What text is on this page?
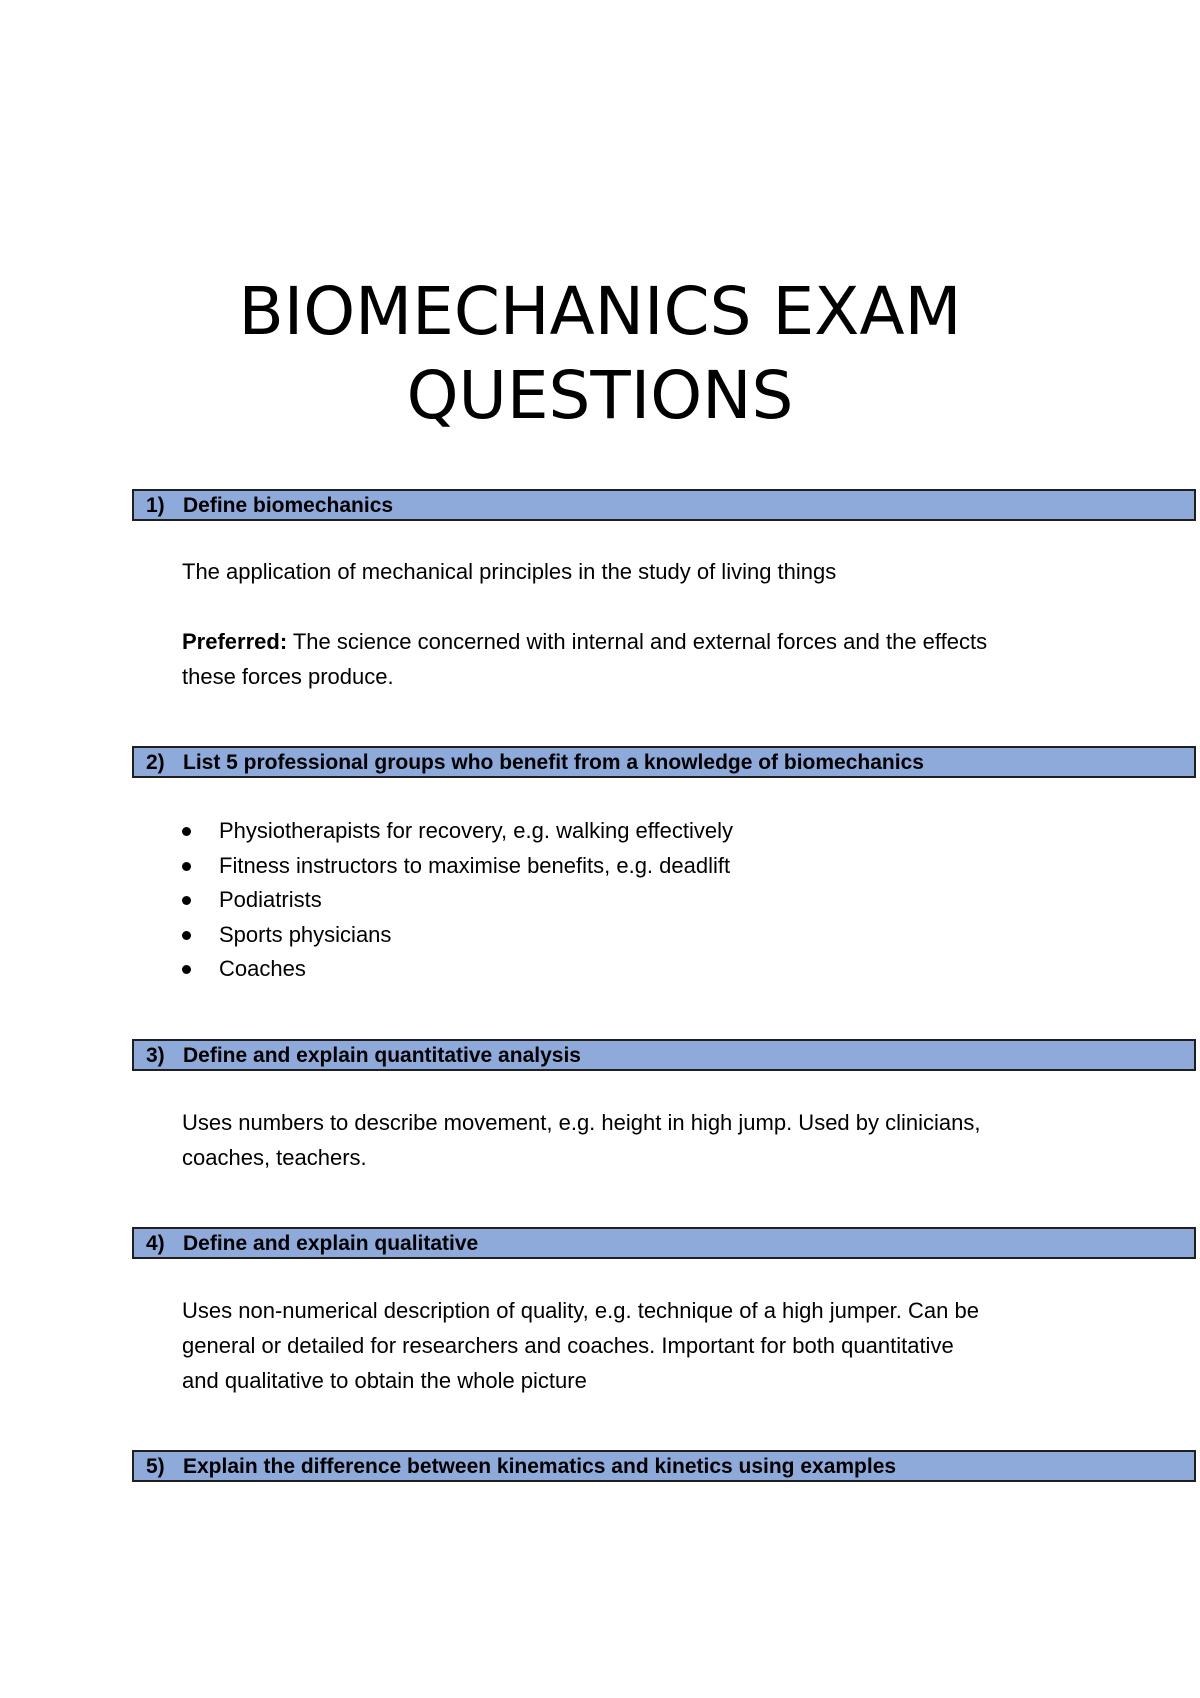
BIOMECHANICS EXAM
QUESTIONS
1) Define biomechanics

The application of mechanical principles in the study of living things

Preferred: The science concerned with internal and external forces and the effects

these forces produce.

2) List 5 professional groups who benefit from a knowledge of biomechanics
Physiotherapists for recovery, e.g. walking effectively
Fitness instructors to maximise benefits, e.g. deadlift
Podiatrists
Sports physicians
Coaches
3) Define and explain quantitative analysis

Uses numbers to describe movement, e.g. height in high jump. Used by clinicians,

coaches, teachers.

4) Define and explain qualitative

Uses non-numerical description of quality, e.g. technique of a high jumper. Can be

general or detailed for researchers and coaches. Important for both quantitative

and qualitative to obtain the whole picture

5) Explain the difference between kinematics and kinetics using examples
